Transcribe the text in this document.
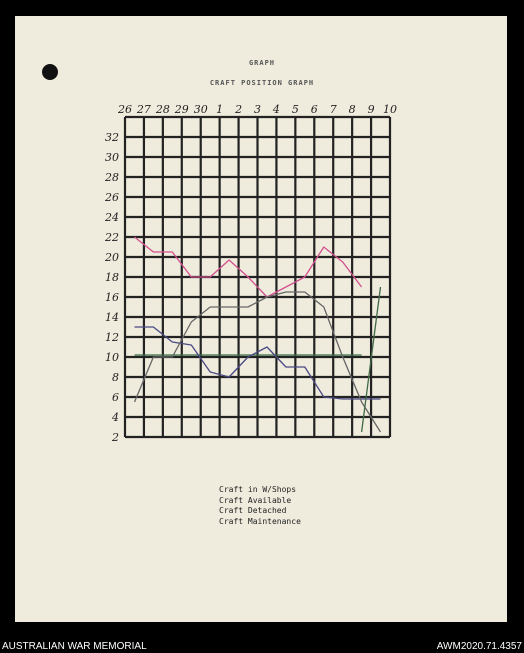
GRAPH
CRAFT POSITION GRAPH
26 27 28 29 30 1 2 3 4 5 6 7 8 9 10
2
4
6
8
10
12
14
16
18
20
22
24
26
28
30
32
Craft in W/Shops
Craft Available
Craft Detached
Craft Maintenance
AUSTRALIAN WAR MEMORIAL	AWM2020.71.4357
